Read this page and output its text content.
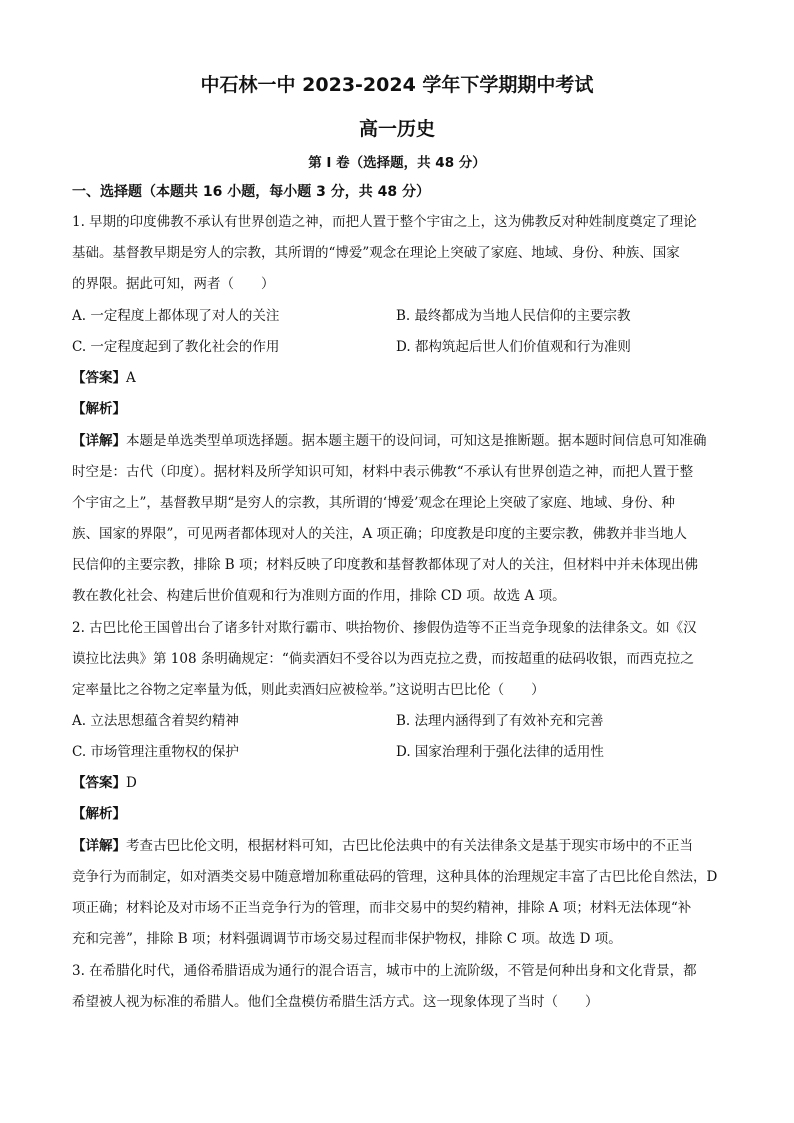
中石林一中 2023-2024 学年下学期期中考试
高一历史
第 I 卷（选择题，共 48 分）
一、选择题（本题共 16 小题，每小题 3 分，共 48 分）
1. 早期的印度佛教不承认有世界创造之神，而把人置于整个宇宙之上，这为佛教反对种姓制度奠定了理论
基础。基督教早期是穷人的宗教，其所谓的“博爱”观念在理论上突破了家庭、地域、身份、种族、国家
的界限。据此可知，两者（　　）
A. 一定程度上都体现了对人的关注	B. 最终都成为当地人民信仰的主要宗教
C. 一定程度起到了教化社会的作用	D. 都构筑起后世人们价值观和行为准则
【答案】A
【解析】
【详解】本题是单选类型单项选择题。据本题主题干的设问词，可知这是推断题。据本题时间信息可知准确
时空是：古代（印度）。据材料及所学知识可知，材料中表示佛教“不承认有世界创造之神，而把人置于整
个宇宙之上”，基督教早期“是穷人的宗教，其所谓的‘博爱’观念在理论上突破了家庭、地域、身份、种
族、国家的界限”，可见两者都体现对人的关注，A 项正确；印度教是印度的主要宗教，佛教并非当地人
民信仰的主要宗教，排除 B 项；材料反映了印度教和基督教都体现了对人的关注，但材料中并未体现出佛
教在教化社会、构建后世价值观和行为准则方面的作用，排除 CD 项。故选 A 项。
2. 古巴比伦王国曾出台了诸多针对欺行霸市、哄抬物价、掺假伪造等不正当竞争现象的法律条文。如《汉
谟拉比法典》第 108 条明确规定：“倘卖酒妇不受谷以为西克拉之费，而按超重的砝码收银，而西克拉之
定率量比之谷物之定率量为低，则此卖酒妇应被检举。”这说明古巴比伦（　　）
A. 立法思想蕴含着契约精神	B. 法理内涵得到了有效补充和完善
C. 市场管理注重物权的保护	D. 国家治理利于强化法律的适用性
【答案】D
【解析】
【详解】考查古巴比伦文明，根据材料可知，古巴比伦法典中的有关法律条文是基于现实市场中的不正当
竞争行为而制定，如对酒类交易中随意增加称重砝码的管理，这种具体的治理规定丰富了古巴比伦自然法，D
项正确；材料论及对市场不正当竞争行为的管理，而非交易中的契约精神，排除 A 项；材料无法体现“补
充和完善”，排除 B 项；材料强调调节市场交易过程而非保护物权，排除 C 项。故选 D 项。
3. 在希腊化时代，通俗希腊语成为通行的混合语言，城市中的上流阶级，不管是何种出身和文化背景，都
希望被人视为标准的希腊人。他们全盘模仿希腊生活方式。这一现象体现了当时（　　）
